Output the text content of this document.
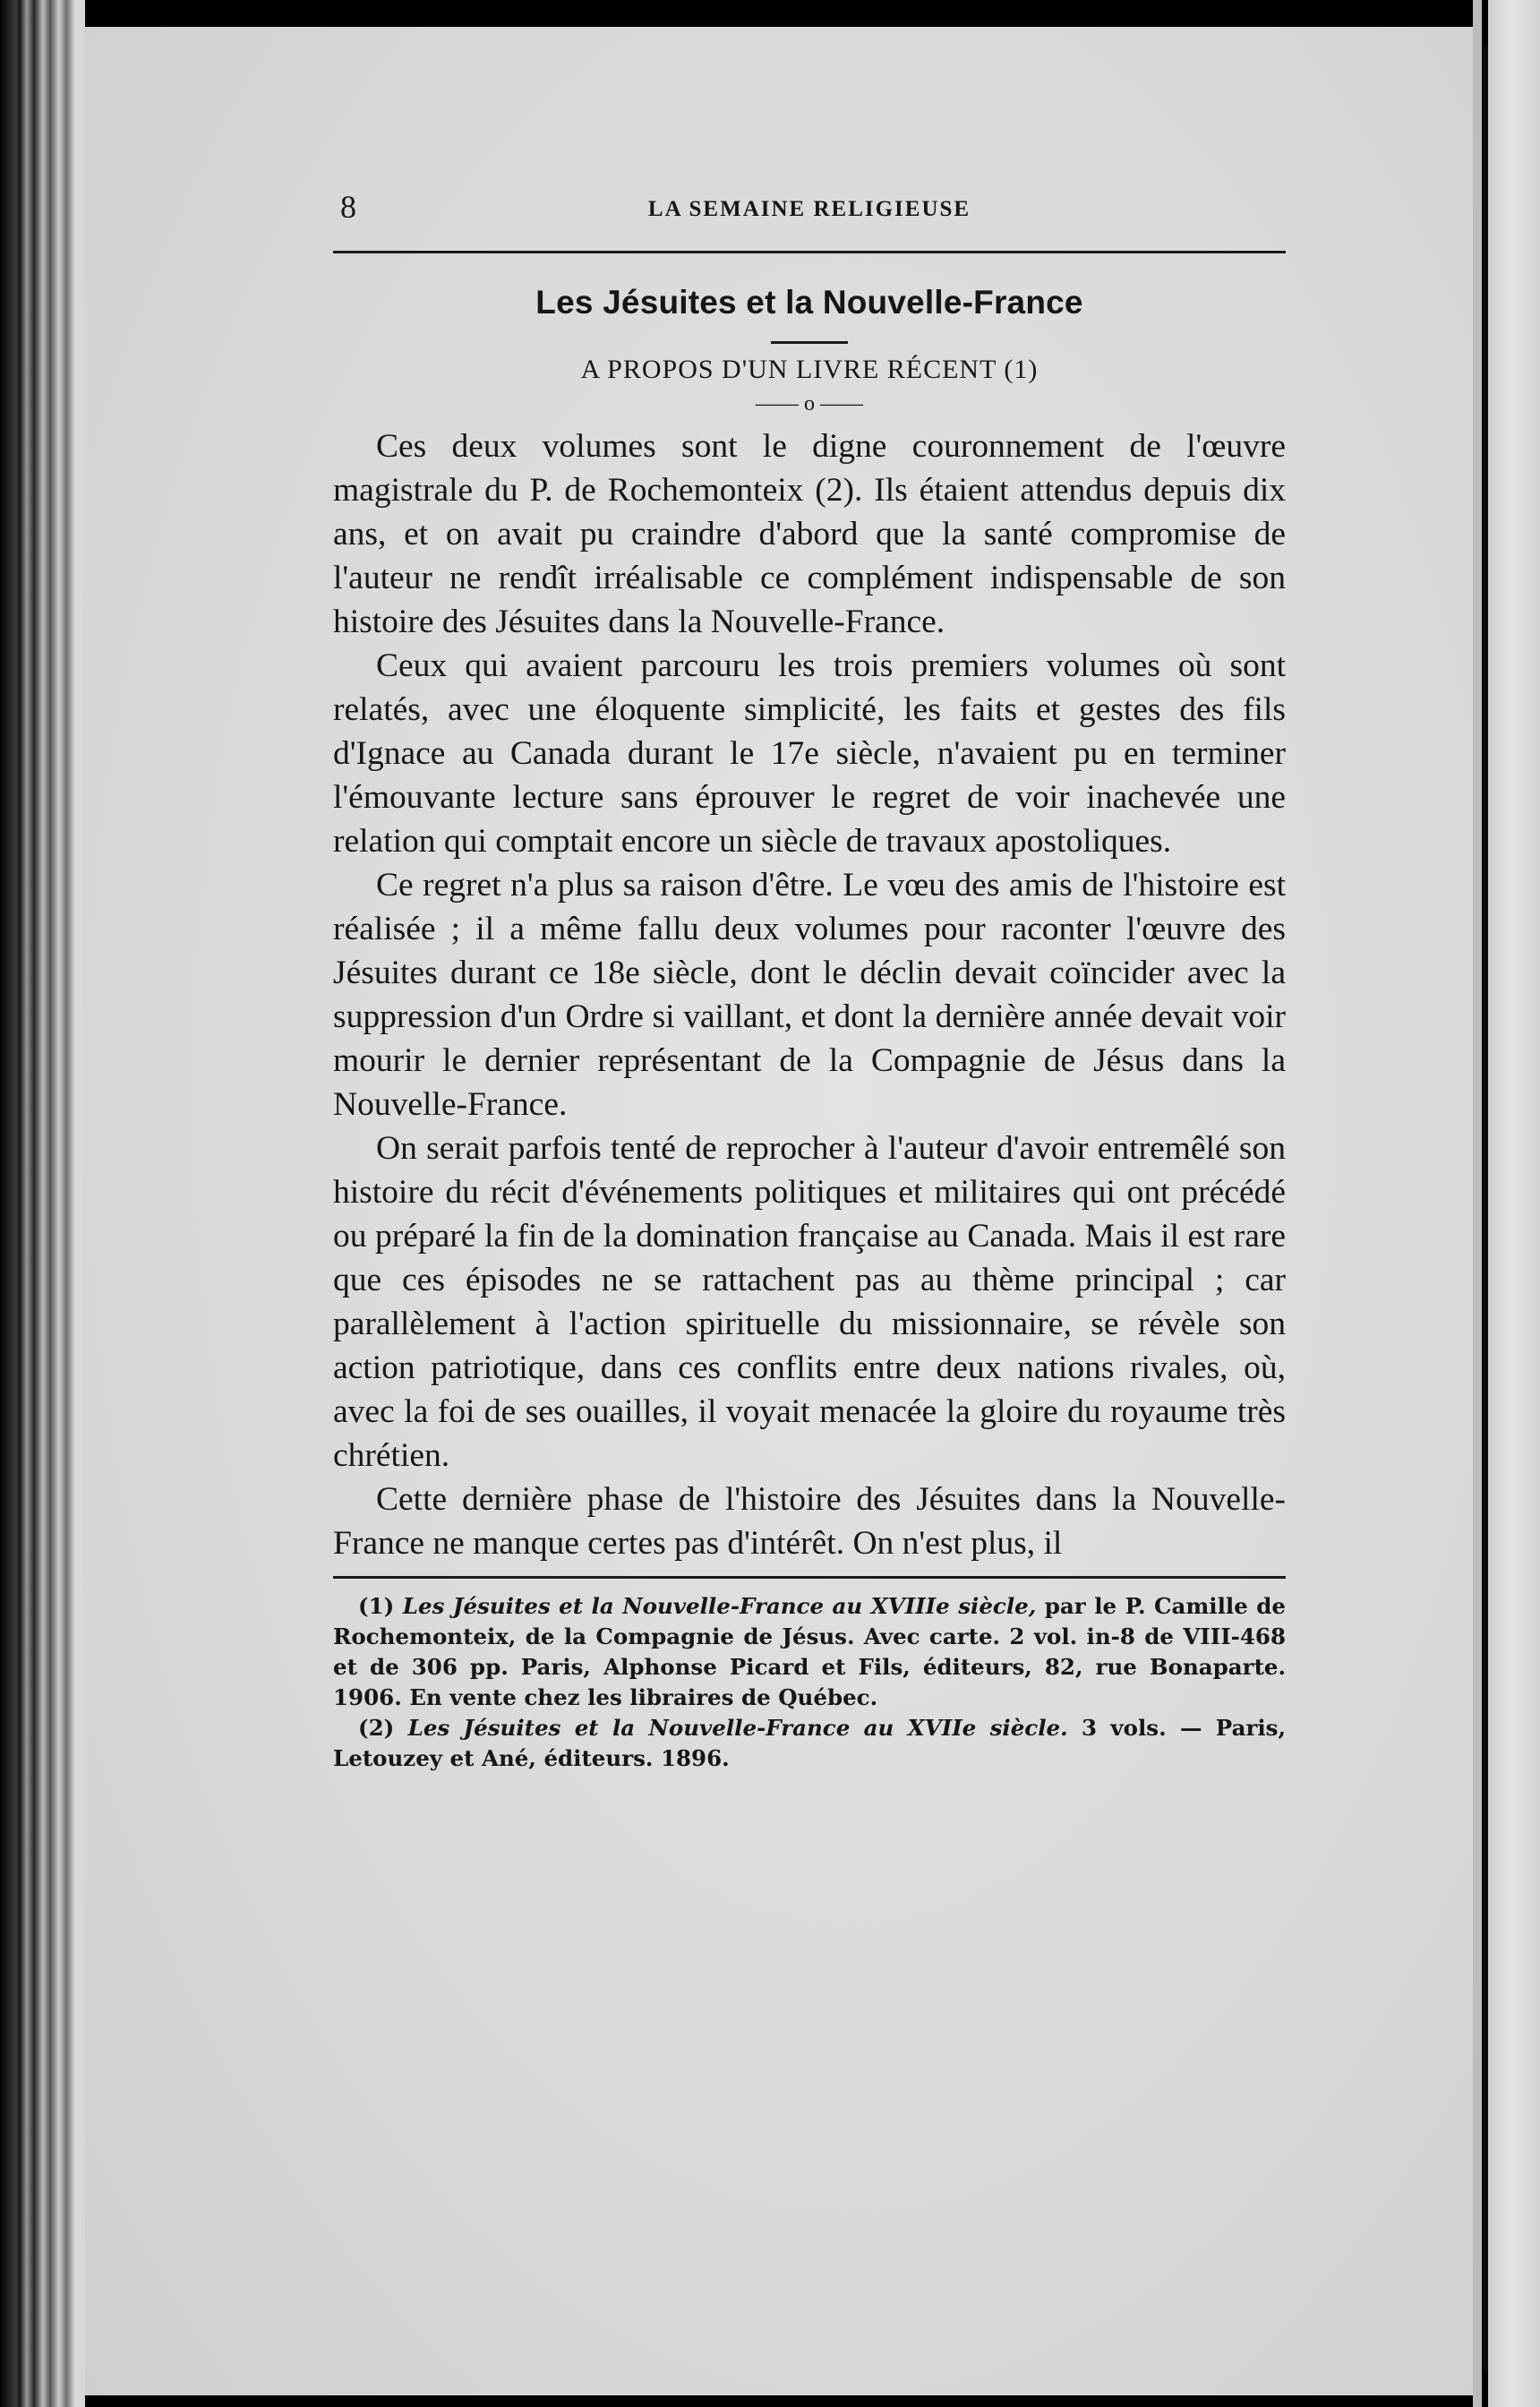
8	LA SEMAINE RELIGIEUSE
Les Jésuites et la Nouvelle-France
A PROPOS D'UN LIVRE RÉCENT (1)
—— o ——

Ces deux volumes sont le digne couronnement de l'œuvre magistrale du P. de Rochemonteix (2). Ils étaient attendus depuis dix ans, et on avait pu craindre d'abord que la santé compromise de l'auteur ne rendît irréalisable ce complément indispensable de son histoire des Jésuites dans la Nouvelle-France.

Ceux qui avaient parcouru les trois premiers volumes où sont relatés, avec une éloquente simplicité, les faits et gestes des fils d'Ignace au Canada durant le 17e siècle, n'avaient pu en terminer l'émouvante lecture sans éprouver le regret de voir inachevée une relation qui comptait encore un siècle de travaux apostoliques.

Ce regret n'a plus sa raison d'être. Le vœu des amis de l'histoire est réalisée ; il a même fallu deux volumes pour raconter l'œuvre des Jésuites durant ce 18e siècle, dont le déclin devait coïncider avec la suppression d'un Ordre si vaillant, et dont la dernière année devait voir mourir le dernier représentant de la Compagnie de Jésus dans la Nouvelle-France.

On serait parfois tenté de reprocher à l'auteur d'avoir entremêlé son histoire du récit d'événements politiques et militaires qui ont précédé ou préparé la fin de la domination française au Canada. Mais il est rare que ces épisodes ne se rattachent pas au thème principal ; car parallèlement à l'action spirituelle du missionnaire, se révèle son action patriotique, dans ces conflits entre deux nations rivales, où, avec la foi de ses ouailles, il voyait menacée la gloire du royaume très chrétien.

Cette dernière phase de l'histoire des Jésuites dans la Nouvelle-France ne manque certes pas d'intérêt. On n'est plus, il

(1) Les Jésuites et la Nouvelle-France au XVIIIe siècle, par le P. Camille de Rochemonteix, de la Compagnie de Jésus. Avec carte. 2 vol. in-8 de VIII-468 et de 306 pp. Paris, Alphonse Picard et Fils, éditeurs, 82, rue Bonaparte. 1906. En vente chez les libraires de Québec.

(2) Les Jésuites et la Nouvelle-France au XVIIe siècle. 3 vols. — Paris, Letouzey et Ané, éditeurs. 1896.
